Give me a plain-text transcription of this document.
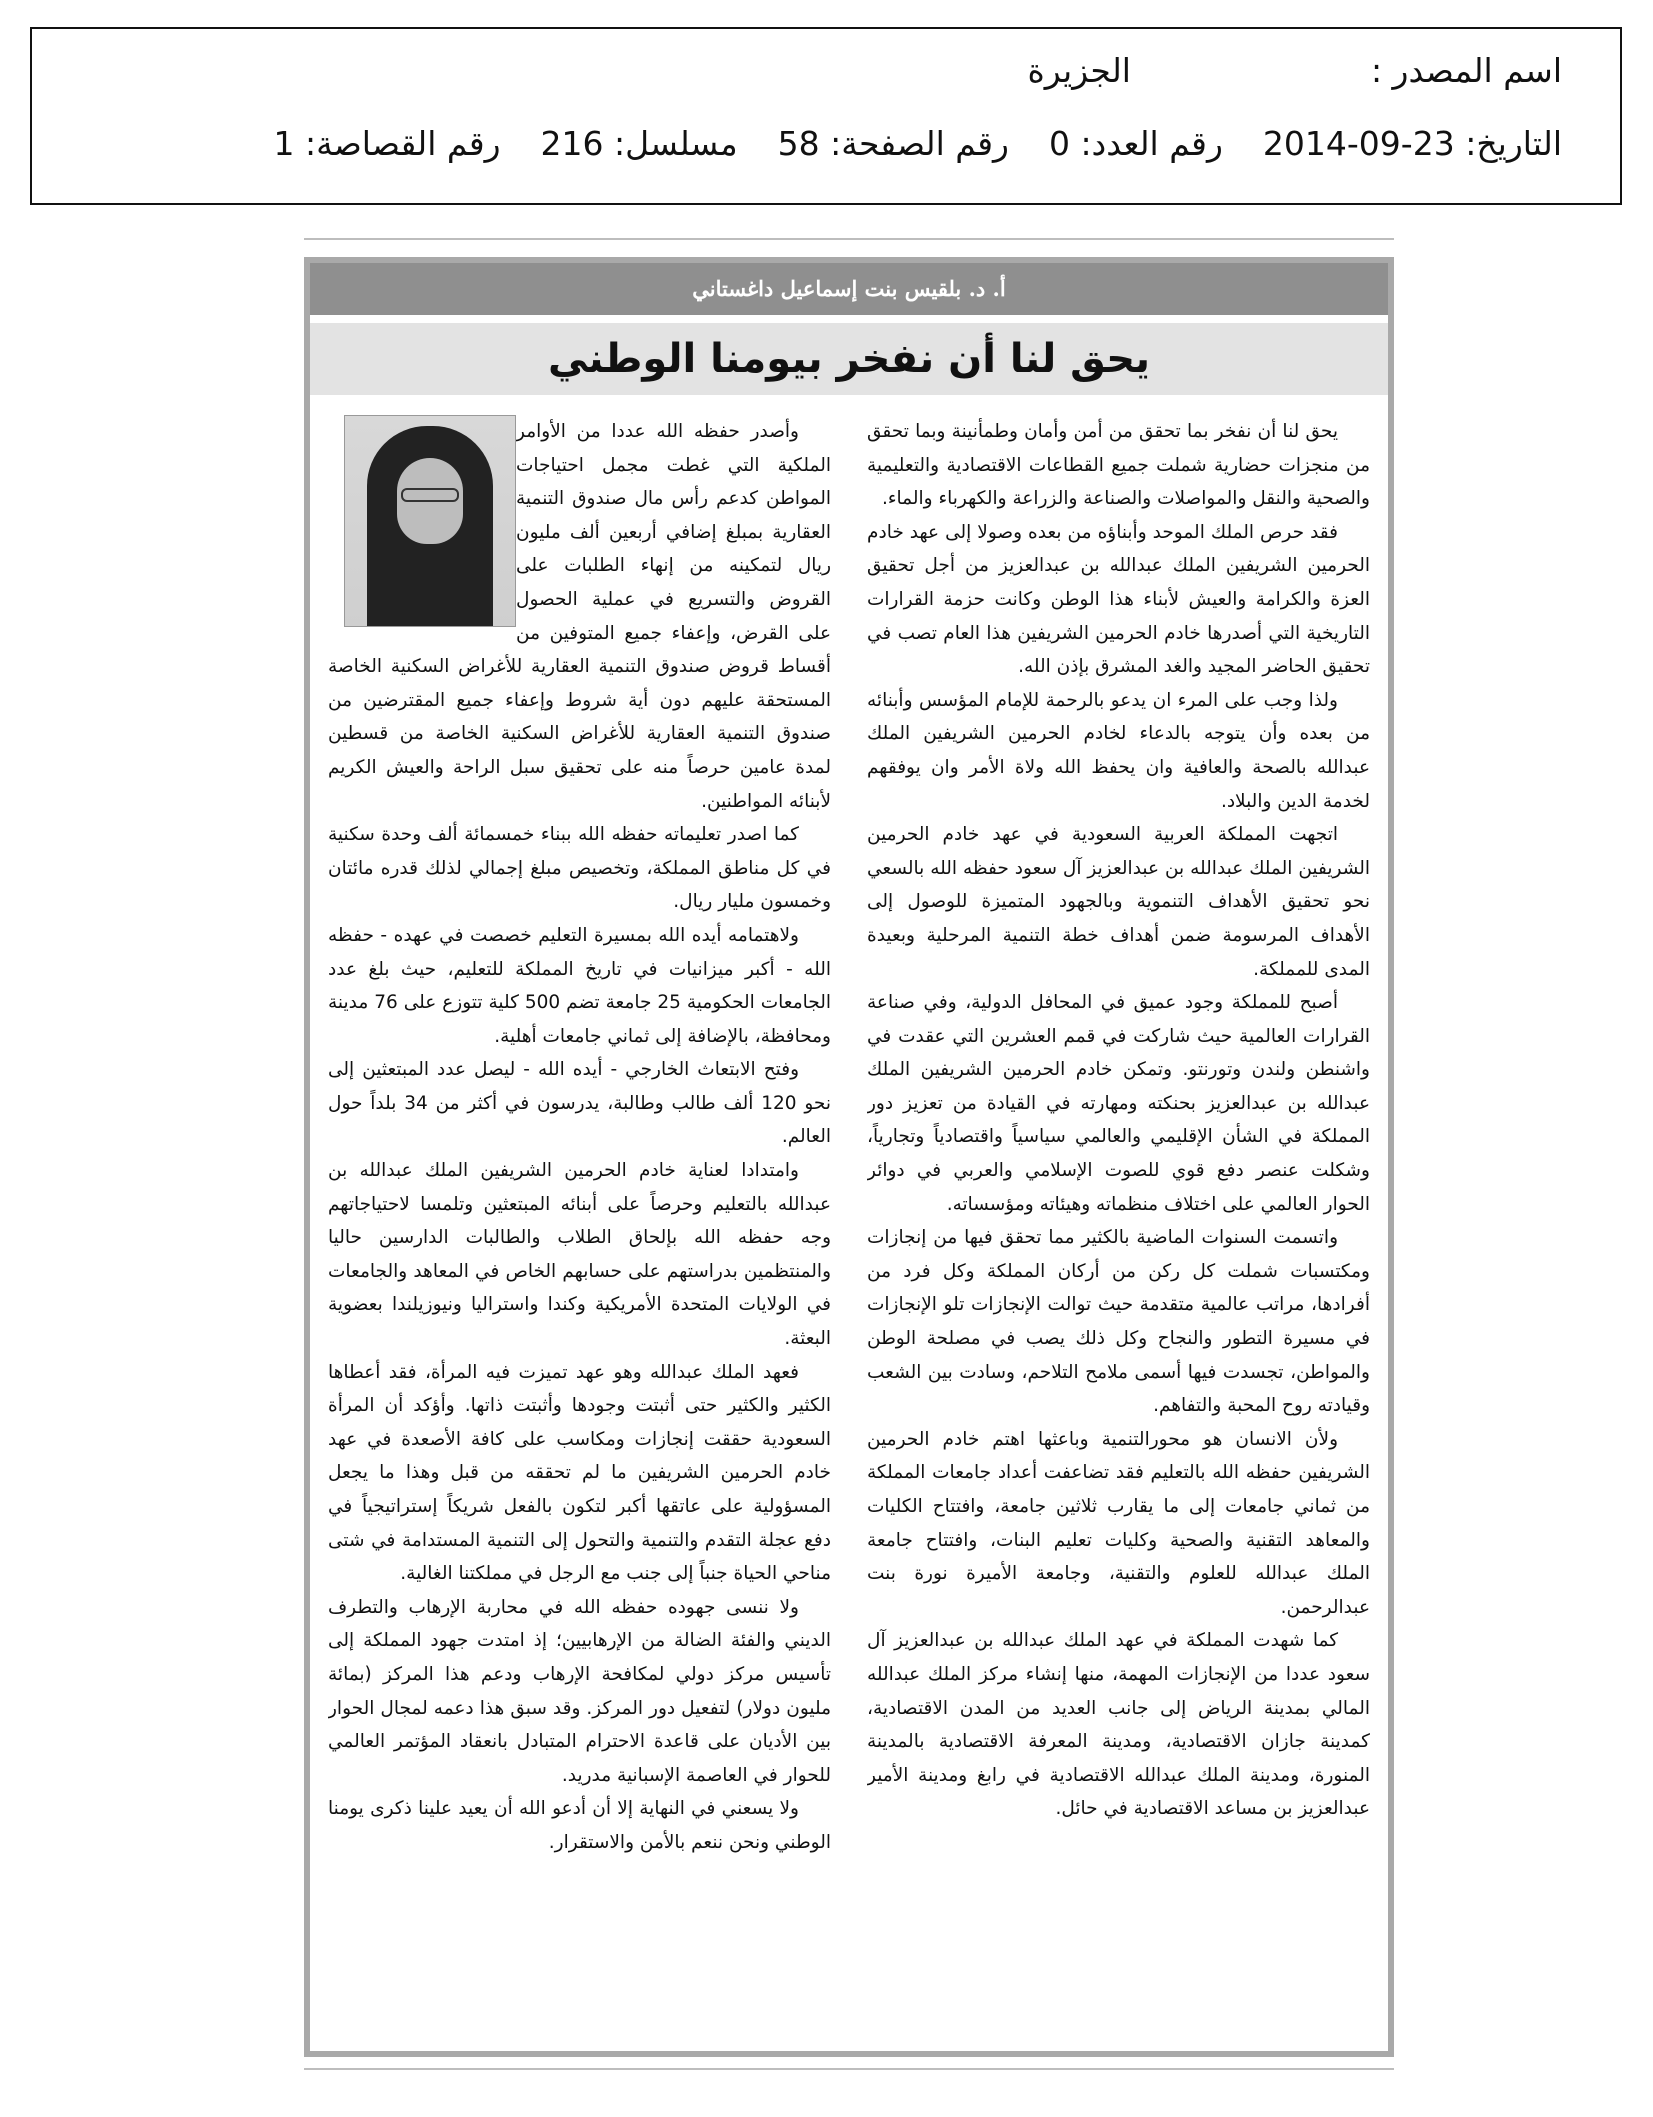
اسم المصدر :
الجزيرة
التاريخ: 23-09-2014
رقم العدد: 0
رقم الصفحة: 58
مسلسل: 216
رقم القصاصة: 1
أ. د. بلقيس بنت إسماعيل داغستاني
يحق لنا أن نفخر بيومنا الوطني

يحق لنا أن نفخر بما تحقق من أمن وأمان وطمأنينة وبما تحقق من منجزات حضارية شملت جميع القطاعات الاقتصادية والتعليمية والصحية والنقل والمواصلات والصناعة والزراعة والكهرباء والماء.

فقد حرص الملك الموحد وأبناؤه من بعده وصولا إلى عهد خادم الحرمين الشريفين الملك عبدالله بن عبدالعزيز من أجل تحقيق العزة والكرامة والعيش لأبناء هذا الوطن وكانت حزمة القرارات التاريخية التي أصدرها خادم الحرمين الشريفين هذا العام تصب في تحقيق الحاضر المجيد والغد المشرق بإذن الله.

ولذا وجب على المرء ان يدعو بالرحمة للإمام المؤسس وأبنائه من بعده وأن يتوجه بالدعاء لخادم الحرمين الشريفين الملك عبدالله بالصحة والعافية وان يحفظ الله ولاة الأمر وان يوفقهم لخدمة الدين والبلاد.

اتجهت المملكة العربية السعودية في عهد خادم الحرمين الشريفين الملك عبدالله بن عبدالعزيز آل سعود حفظه الله بالسعي نحو تحقيق الأهداف التنموية وبالجهود المتميزة للوصول إلى الأهداف المرسومة ضمن أهداف خطة التنمية المرحلية وبعيدة المدى للمملكة.

أصبح للمملكة وجود عميق في المحافل الدولية، وفي صناعة القرارات العالمية حيث شاركت في قمم العشرين التي عقدت في واشنطن ولندن وتورنتو. وتمكن خادم الحرمين الشريفين الملك عبدالله بن عبدالعزيز بحنكته ومهارته في القيادة من تعزيز دور المملكة في الشأن الإقليمي والعالمي سياسياً واقتصادياً وتجارياً، وشكلت عنصر دفع قوي للصوت الإسلامي والعربي في دوائر الحوار العالمي على اختلاف منظماته وهيئاته ومؤسساته.

واتسمت السنوات الماضية بالكثير مما تحقق فيها من إنجازات ومكتسبات شملت كل ركن من أركان المملكة وكل فرد من أفرادها، مراتب عالمية متقدمة حيث توالت الإنجازات تلو الإنجازات في مسيرة التطور والنجاح وكل ذلك يصب في مصلحة الوطن والمواطن، تجسدت فيها أسمى ملامح التلاحم، وسادت بين الشعب وقيادته روح المحبة والتفاهم.

ولأن الانسان هو محورالتنمية وباعثها اهتم خادم الحرمين الشريفين حفظه الله بالتعليم فقد تضاعفت أعداد جامعات المملكة من ثماني جامعات إلى ما يقارب ثلاثين جامعة، وافتتاح الكليات والمعاهد التقنية والصحية وكليات تعليم البنات، وافتتاح جامعة الملك عبدالله للعلوم والتقنية، وجامعة الأميرة نورة بنت عبدالرحمن.

كما شهدت المملكة في عهد الملك عبدالله بن عبدالعزيز آل سعود عددا من الإنجازات المهمة، منها إنشاء مركز الملك عبدالله المالي بمدينة الرياض إلى جانب العديد من المدن الاقتصادية، كمدينة جازان الاقتصادية، ومدينة المعرفة الاقتصادية بالمدينة المنورة، ومدينة الملك عبدالله الاقتصادية في رابغ ومدينة الأمير عبدالعزيز بن مساعد الاقتصادية في حائل.

وأصدر حفظه الله عددا من الأوامر الملكية التي غطت مجمل احتياجات المواطن كدعم رأس مال صندوق التنمية العقارية بمبلغ إضافي أربعين ألف مليون ريال لتمكينه من إنهاء الطلبات على القروض والتسريع في عملية الحصول على القرض، وإعفاء جميع المتوفين من أقساط قروض صندوق التنمية العقارية للأغراض السكنية الخاصة المستحقة عليهم دون أية شروط وإعفاء جميع المقترضين من صندوق التنمية العقارية للأغراض السكنية الخاصة من قسطين لمدة عامين حرصاً منه على تحقيق سبل الراحة والعيش الكريم لأبنائه المواطنين.

كما اصدر تعليماته حفظه الله ببناء خمسمائة ألف وحدة سكنية في كل مناطق المملكة، وتخصيص مبلغ إجمالي لذلك قدره مائتان وخمسون مليار ريال.

ولاهتمامه أيده الله بمسيرة التعليم خصصت في عهده - حفظه الله - أكبر ميزانيات في تاريخ المملكة للتعليم، حيث بلغ عدد الجامعات الحكومية 25 جامعة تضم 500 كلية تتوزع على 76 مدينة ومحافظة، بالإضافة إلى ثماني جامعات أهلية.

وفتح الابتعاث الخارجي - أيده الله - ليصل عدد المبتعثين إلى نحو 120 ألف طالب وطالبة، يدرسون في أكثر من 34 بلداً حول العالم.

وامتدادا لعناية خادم الحرمين الشريفين الملك عبدالله بن عبدالله بالتعليم وحرصاً على أبنائه المبتعثين وتلمسا لاحتياجاتهم وجه حفظه الله بإلحاق الطلاب والطالبات الدارسين حاليا والمنتظمين بدراستهم على حسابهم الخاص في المعاهد والجامعات في الولايات المتحدة الأمريكية وكندا واستراليا ونيوزيلندا بعضوية البعثة.

فعهد الملك عبدالله وهو عهد تميزت فيه المرأة، فقد أعطاها الكثير والكثير حتى أثبتت وجودها وأثبتت ذاتها. وأؤكد أن المرأة السعودية حققت إنجازات ومكاسب على كافة الأصعدة في عهد خادم الحرمين الشريفين ما لم تحققه من قبل وهذا ما يجعل المسؤولية على عاتقها أكبر لتكون بالفعل شريكاً إستراتيجياً في دفع عجلة التقدم والتنمية والتحول إلى التنمية المستدامة في شتى مناحي الحياة جنباً إلى جنب مع الرجل في مملكتنا الغالية.

ولا ننسى جهوده حفظه الله في محاربة الإرهاب والتطرف الديني والفئة الضالة من الإرهابيين؛ إذ امتدت جهود المملكة إلى تأسيس مركز دولي لمكافحة الإرهاب ودعم هذا المركز (بمائة مليون دولار) لتفعيل دور المركز. وقد سبق هذا دعمه لمجال الحوار بين الأديان على قاعدة الاحترام المتبادل بانعقاد المؤتمر العالمي للحوار في العاصمة الإسبانية مدريد.

ولا يسعني في النهاية إلا أن أدعو الله أن يعيد علينا ذكرى يومنا الوطني ونحن ننعم بالأمن والاستقرار.
